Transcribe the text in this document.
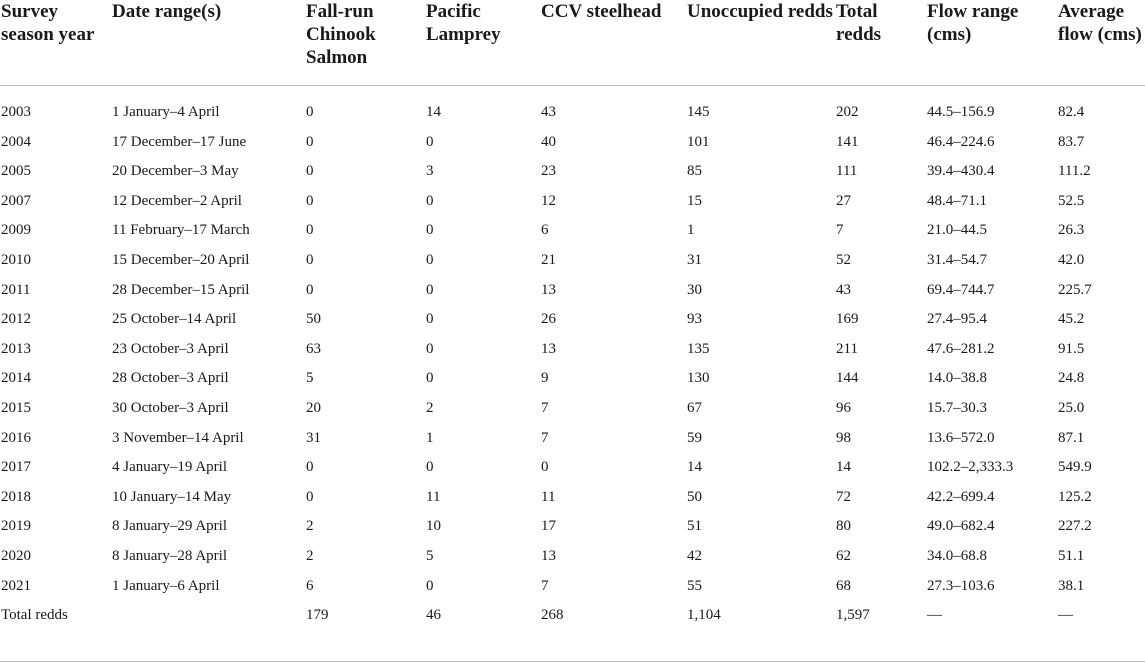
Survey season year	Date range(s)	Fall-run Chinook Salmon	Pacific Lamprey	CCV steelhead	Unoccupied redds	Total redds	Flow range (cms)	Average flow (cms)
2003	1 January–4 April	0	14	43	145	202	44.5–156.9	82.4
2004	17 December–17 June	0	0	40	101	141	46.4–224.6	83.7
2005	20 December–3 May	0	3	23	85	111	39.4–430.4	111.2
2007	12 December–2 April	0	0	12	15	27	48.4–71.1	52.5
2009	11 February–17 March	0	0	6	1	7	21.0–44.5	26.3
2010	15 December–20 April	0	0	21	31	52	31.4–54.7	42.0
2011	28 December–15 April	0	0	13	30	43	69.4–744.7	225.7
2012	25 October–14 April	50	0	26	93	169	27.4–95.4	45.2
2013	23 October–3 April	63	0	13	135	211	47.6–281.2	91.5
2014	28 October–3 April	5	0	9	130	144	14.0–38.8	24.8
2015	30 October–3 April	20	2	7	67	96	15.7–30.3	25.0
2016	3 November–14 April	31	1	7	59	98	13.6–572.0	87.1
2017	4 January–19 April	0	0	0	14	14	102.2–2,333.3	549.9
2018	10 January–14 May	0	11	11	50	72	42.2–699.4	125.2
2019	8 January–29 April	2	10	17	51	80	49.0–682.4	227.2
2020	8 January–28 April	2	5	13	42	62	34.0–68.8	51.1
2021	1 January–6 April	6	0	7	55	68	27.3–103.6	38.1
Total redds		179	46	268	1,104	1,597	—	—
